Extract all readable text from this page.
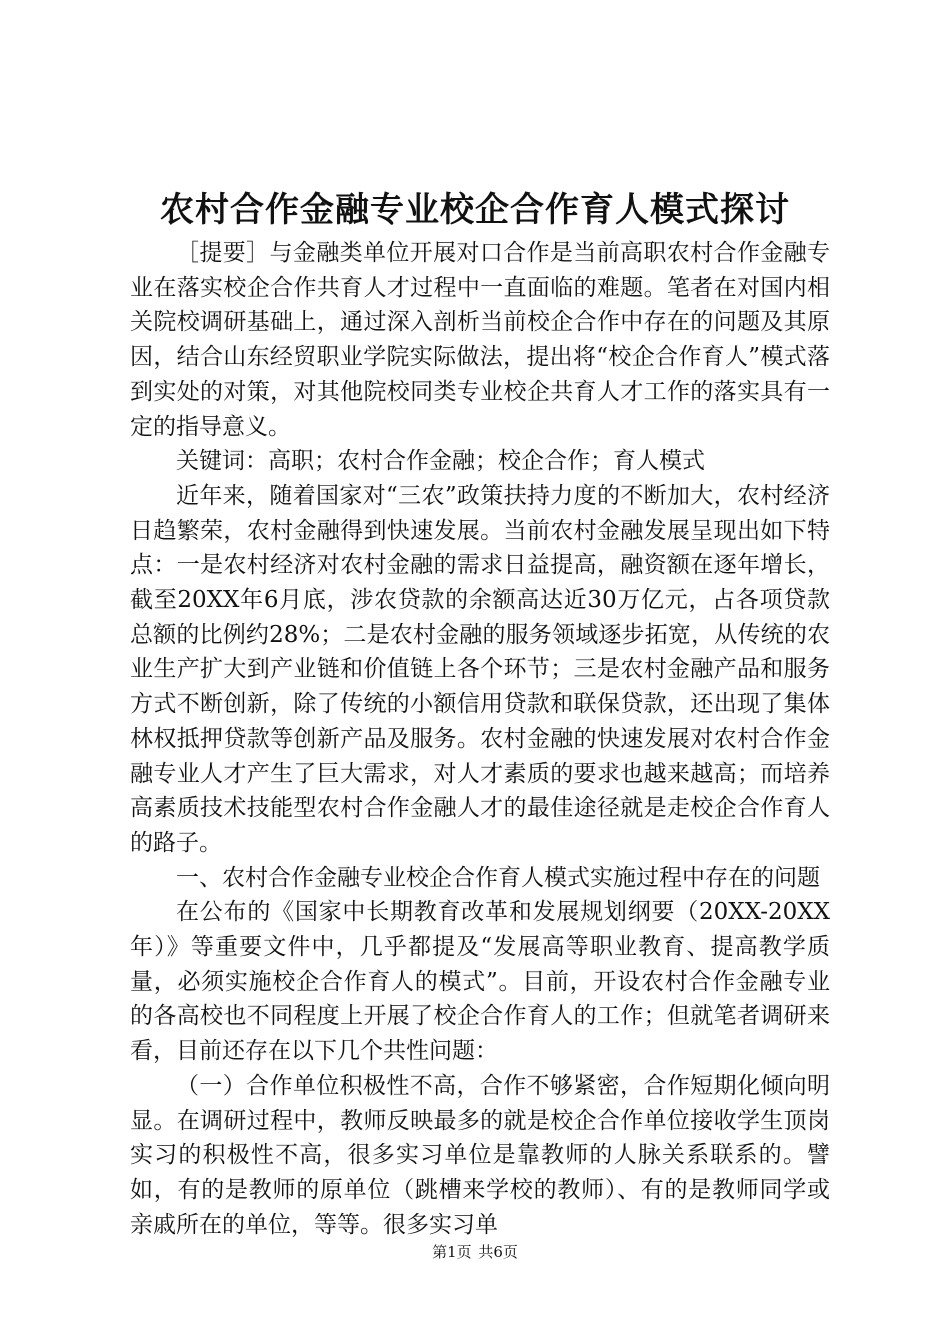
农村合作金融专业校企合作育人模式探讨

［提要］与金融类单位开展对口合作是当前高职农村合作金融专业在落实校企合作共育人才过程中一直面临的难题。笔者在对国内相关院校调研基础上，通过深入剖析当前校企合作中存在的问题及其原因，结合山东经贸职业学院实际做法，提出将“校企合作育人”模式落到实处的对策，对其他院校同类专业校企共育人才工作的落实具有一定的指导意义。

关键词：高职；农村合作金融；校企合作；育人模式

近年来，随着国家对“三农”政策扶持力度的不断加大，农村经济日趋繁荣，农村金融得到快速发展。当前农村金融发展呈现出如下特点：一是农村经济对农村金融的需求日益提高，融资额在逐年增长，截至20XX年6月底，涉农贷款的余额高达近30万亿元，占各项贷款总额的比例约28%；二是农村金融的服务领域逐步拓宽，从传统的农业生产扩大到产业链和价值链上各个环节；三是农村金融产品和服务方式不断创新，除了传统的小额信用贷款和联保贷款，还出现了集体林权抵押贷款等创新产品及服务。农村金融的快速发展对农村合作金融专业人才产生了巨大需求，对人才素质的要求也越来越高；而培养高素质技术技能型农村合作金融人才的最佳途径就是走校企合作育人的路子。

一、农村合作金融专业校企合作育人模式实施过程中存在的问题

在公布的《国家中长期教育改革和发展规划纲要（20XX-20XX年）》等重要文件中，几乎都提及“发展高等职业教育、提高教学质量，必须实施校企合作育人的模式”。目前，开设农村合作金融专业的各高校也不同程度上开展了校企合作育人的工作；但就笔者调研来看，目前还存在以下几个共性问题：

（一）合作单位积极性不高，合作不够紧密，合作短期化倾向明显。在调研过程中，教师反映最多的就是校企合作单位接收学生顶岗实习的积极性不高，很多实习单位是靠教师的人脉关系联系的。譬如，有的是教师的原单位（跳槽来学校的教师）、有的是教师同学或亲戚所在的单位，等等。很多实习单

第1页 共6页
